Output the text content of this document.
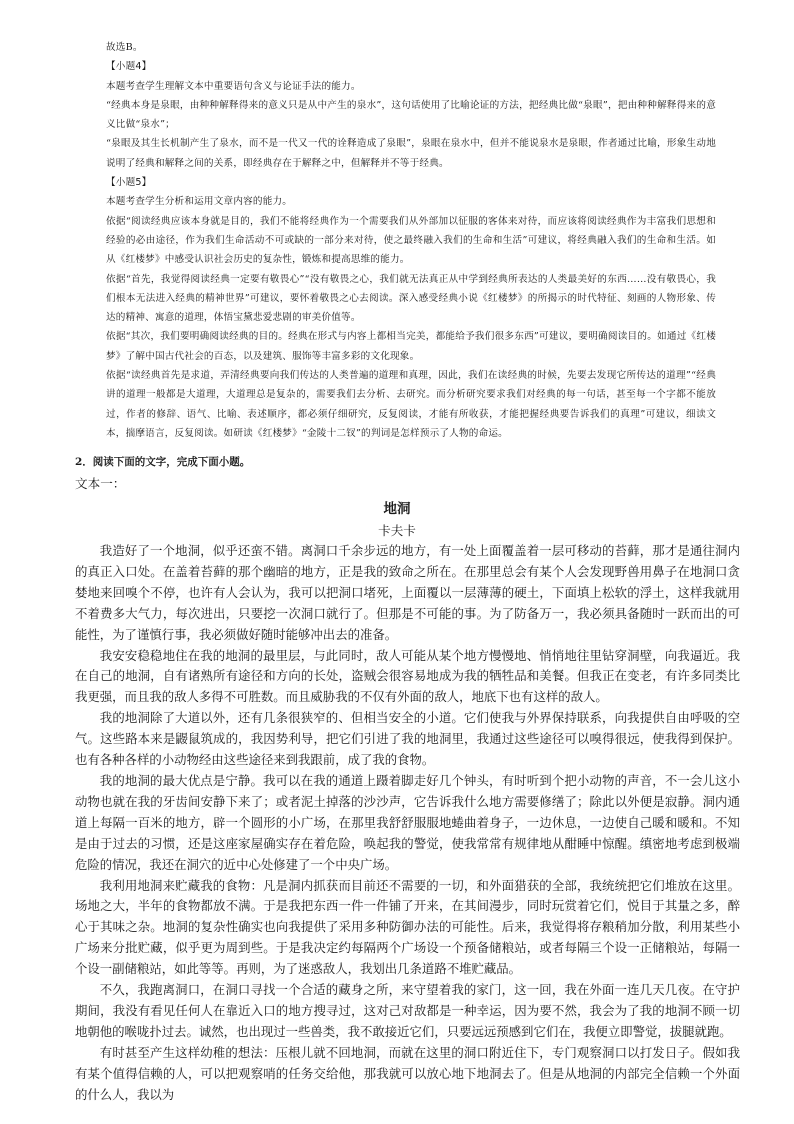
故选B。

【小题4】

本题考查学生理解文本中重要语句含义与论证手法的能力。

“经典本身是泉眼，由种种解释得来的意义只是从中产生的泉水”，这句话使用了比喻论证的方法，把经典比做“泉眼”，把由种种解释得来的意义比做“泉水”；

“泉眼及其生长机制产生了泉水，而不是一代又一代的诠释造成了泉眼”，泉眼在泉水中，但并不能说泉水是泉眼，作者通过比喻，形象生动地说明了经典和解释之间的关系，即经典存在于解释之中，但解释并不等于经典。

【小题5】

本题考查学生分析和运用文章内容的能力。

依据“阅读经典应该本身就是目的，我们不能将经典作为一个需要我们从外部加以征服的客体来对待，而应该将阅读经典作为丰富我们思想和经验的必由途径，作为我们生命活动不可或缺的一部分来对待，使之最终融入我们的生命和生活”可建议，将经典融入我们的生命和生活。如从《红楼梦》中感受认识社会历史的复杂性，锻炼和提高思维的能力。

依据“首先，我觉得阅读经典一定要有敬畏心”“没有敬畏之心，我们就无法真正从中学到经典所表达的人类最美好的东西……没有敬畏心，我们根本无法进入经典的精神世界”可建议，要怀着敬畏之心去阅读。深入感受经典小说《红楼梦》的所揭示的时代特征、刻画的人物形象、传达的精神、寓意的道理，体悟宝黛悲爱悲剧的审美价值等。

依据“其次，我们要明确阅读经典的目的。经典在形式与内容上都相当完美，都能给予我们很多东西”可建议，要明确阅读目的。如通过《红楼梦》了解中国古代社会的百态，以及建筑、服饰等丰富多彩的文化现象。

依据“读经典首先是求道，弄清经典要向我们传达的人类普遍的道理和真理，因此，我们在读经典的时候，先要去发现它所传达的道理”“经典讲的道理一般都是大道理，大道理总是复杂的，需要我们去分析、去研究。而分析研究要求我们对经典的每一句话，甚至每一个字都不能放过，作者的修辞、语气、比喻、表述顺序，都必须仔细研究，反复阅读，才能有所收获，才能把握经典要告诉我们的真理”可建议，细读文本，揣摩语言，反复阅读。如研读《红楼梦》“金陵十二钗”的判词是怎样预示了人物的命运。

2．阅读下面的文字，完成下面小题。
文本一：
地洞
卡夫卡

我造好了一个地洞，似乎还蛮不错。离洞口千余步远的地方，有一处上面覆盖着一层可移动的苔藓，那才是通往洞内的真正入口处。在盖着苔藓的那个幽暗的地方，正是我的致命之所在。在那里总会有某个人会发现野兽用鼻子在地洞口贪婪地来回嗅个不停，也许有人会认为，我可以把洞口堵死，上面覆以一层薄薄的硬土，下面填上松软的浮土，这样我就用不着费多大气力，每次进出，只要挖一次洞口就行了。但那是不可能的事。为了防备万一，我必须具备随时一跃而出的可能性，为了谨慎行事，我必须做好随时能够冲出去的准备。

我安安稳稳地住在我的地洞的最里层，与此同时，敌人可能从某个地方慢慢地、悄悄地往里钻穿洞壁，向我逼近。我在自己的地洞，自有诸熟所有途径和方向的长处，盗贼会很容易地成为我的牺牲品和美餐。但我正在变老，有许多同类比我更强，而且我的敌人多得不可胜数。而且威胁我的不仅有外面的敌人，地底下也有这样的敌人。

我的地洞除了大道以外，还有几条很狭窄的、但相当安全的小道。它们使我与外界保持联系，向我提供自由呼吸的空气。这些路本来是鼹鼠筑成的，我因势利导，把它们引进了我的地洞里，我通过这些途径可以嗅得很远，使我得到保护。也有各种各样的小动物经由这些途径来到我跟前，成了我的食物。

我的地洞的最大优点是宁静。我可以在我的通道上蹑着脚走好几个钟头，有时听到个把小动物的声音，不一会儿这小动物也就在我的牙齿间安静下来了；或者泥土掉落的沙沙声，它告诉我什么地方需要修缮了；除此以外便是寂静。洞内通道上每隔一百米的地方，辟一个圆形的小广场，在那里我舒舒服服地蜷曲着身子，一边休息，一边使自己暖和暖和。不知是由于过去的习惯，还是这座家屋确实存在着危险，唤起我的警觉，使我常常有规律地从酣睡中惊醒。缜密地考虑到极端危险的情况，我还在洞穴的近中心处修建了一个中央广场。

我利用地洞来贮藏我的食物：凡是洞内抓获而目前还不需要的一切，和外面猎获的全部，我统统把它们堆放在这里。场地之大，半年的食物都放不满。于是我把东西一件一件铺了开来，在其间漫步，同时玩赏着它们，悦目于其量之多，醉心于其味之杂。地洞的复杂性确实也向我提供了采用多种防御办法的可能性。后来，我觉得将存粮稍加分散，利用某些小广场来分批贮藏，似乎更为周到些。于是我决定约每隔两个广场设一个预备储粮站，或者每隔三个设一正储粮站，每隔一个设一副储粮站，如此等等。再则，为了迷惑敌人，我划出几条道路不堆贮藏品。

不久，我跑离洞口，在洞口寻找一个合适的藏身之所，来守望着我的家门，这一回，我在外面一连几天几夜。在守护期间，我没有看见任何人在靠近入口的地方搜寻过，这对己对敌都是一种幸运，因为要不然，我会为了我的地洞不顾一切地朝他的喉咙扑过去。诚然，也出现过一些兽类，我不敢接近它们，只要远远预感到它们在，我便立即警觉，拔腿就跑。

有时甚至产生这样幼稚的想法：压根儿就不回地洞，而就在这里的洞口附近住下，专门观察洞口以打发日子。假如我有某个值得信赖的人，可以把观察哨的任务交给他，那我就可以放心地下地洞去了。但是从地洞的内部完全信赖一个外面的什么人，我以为
